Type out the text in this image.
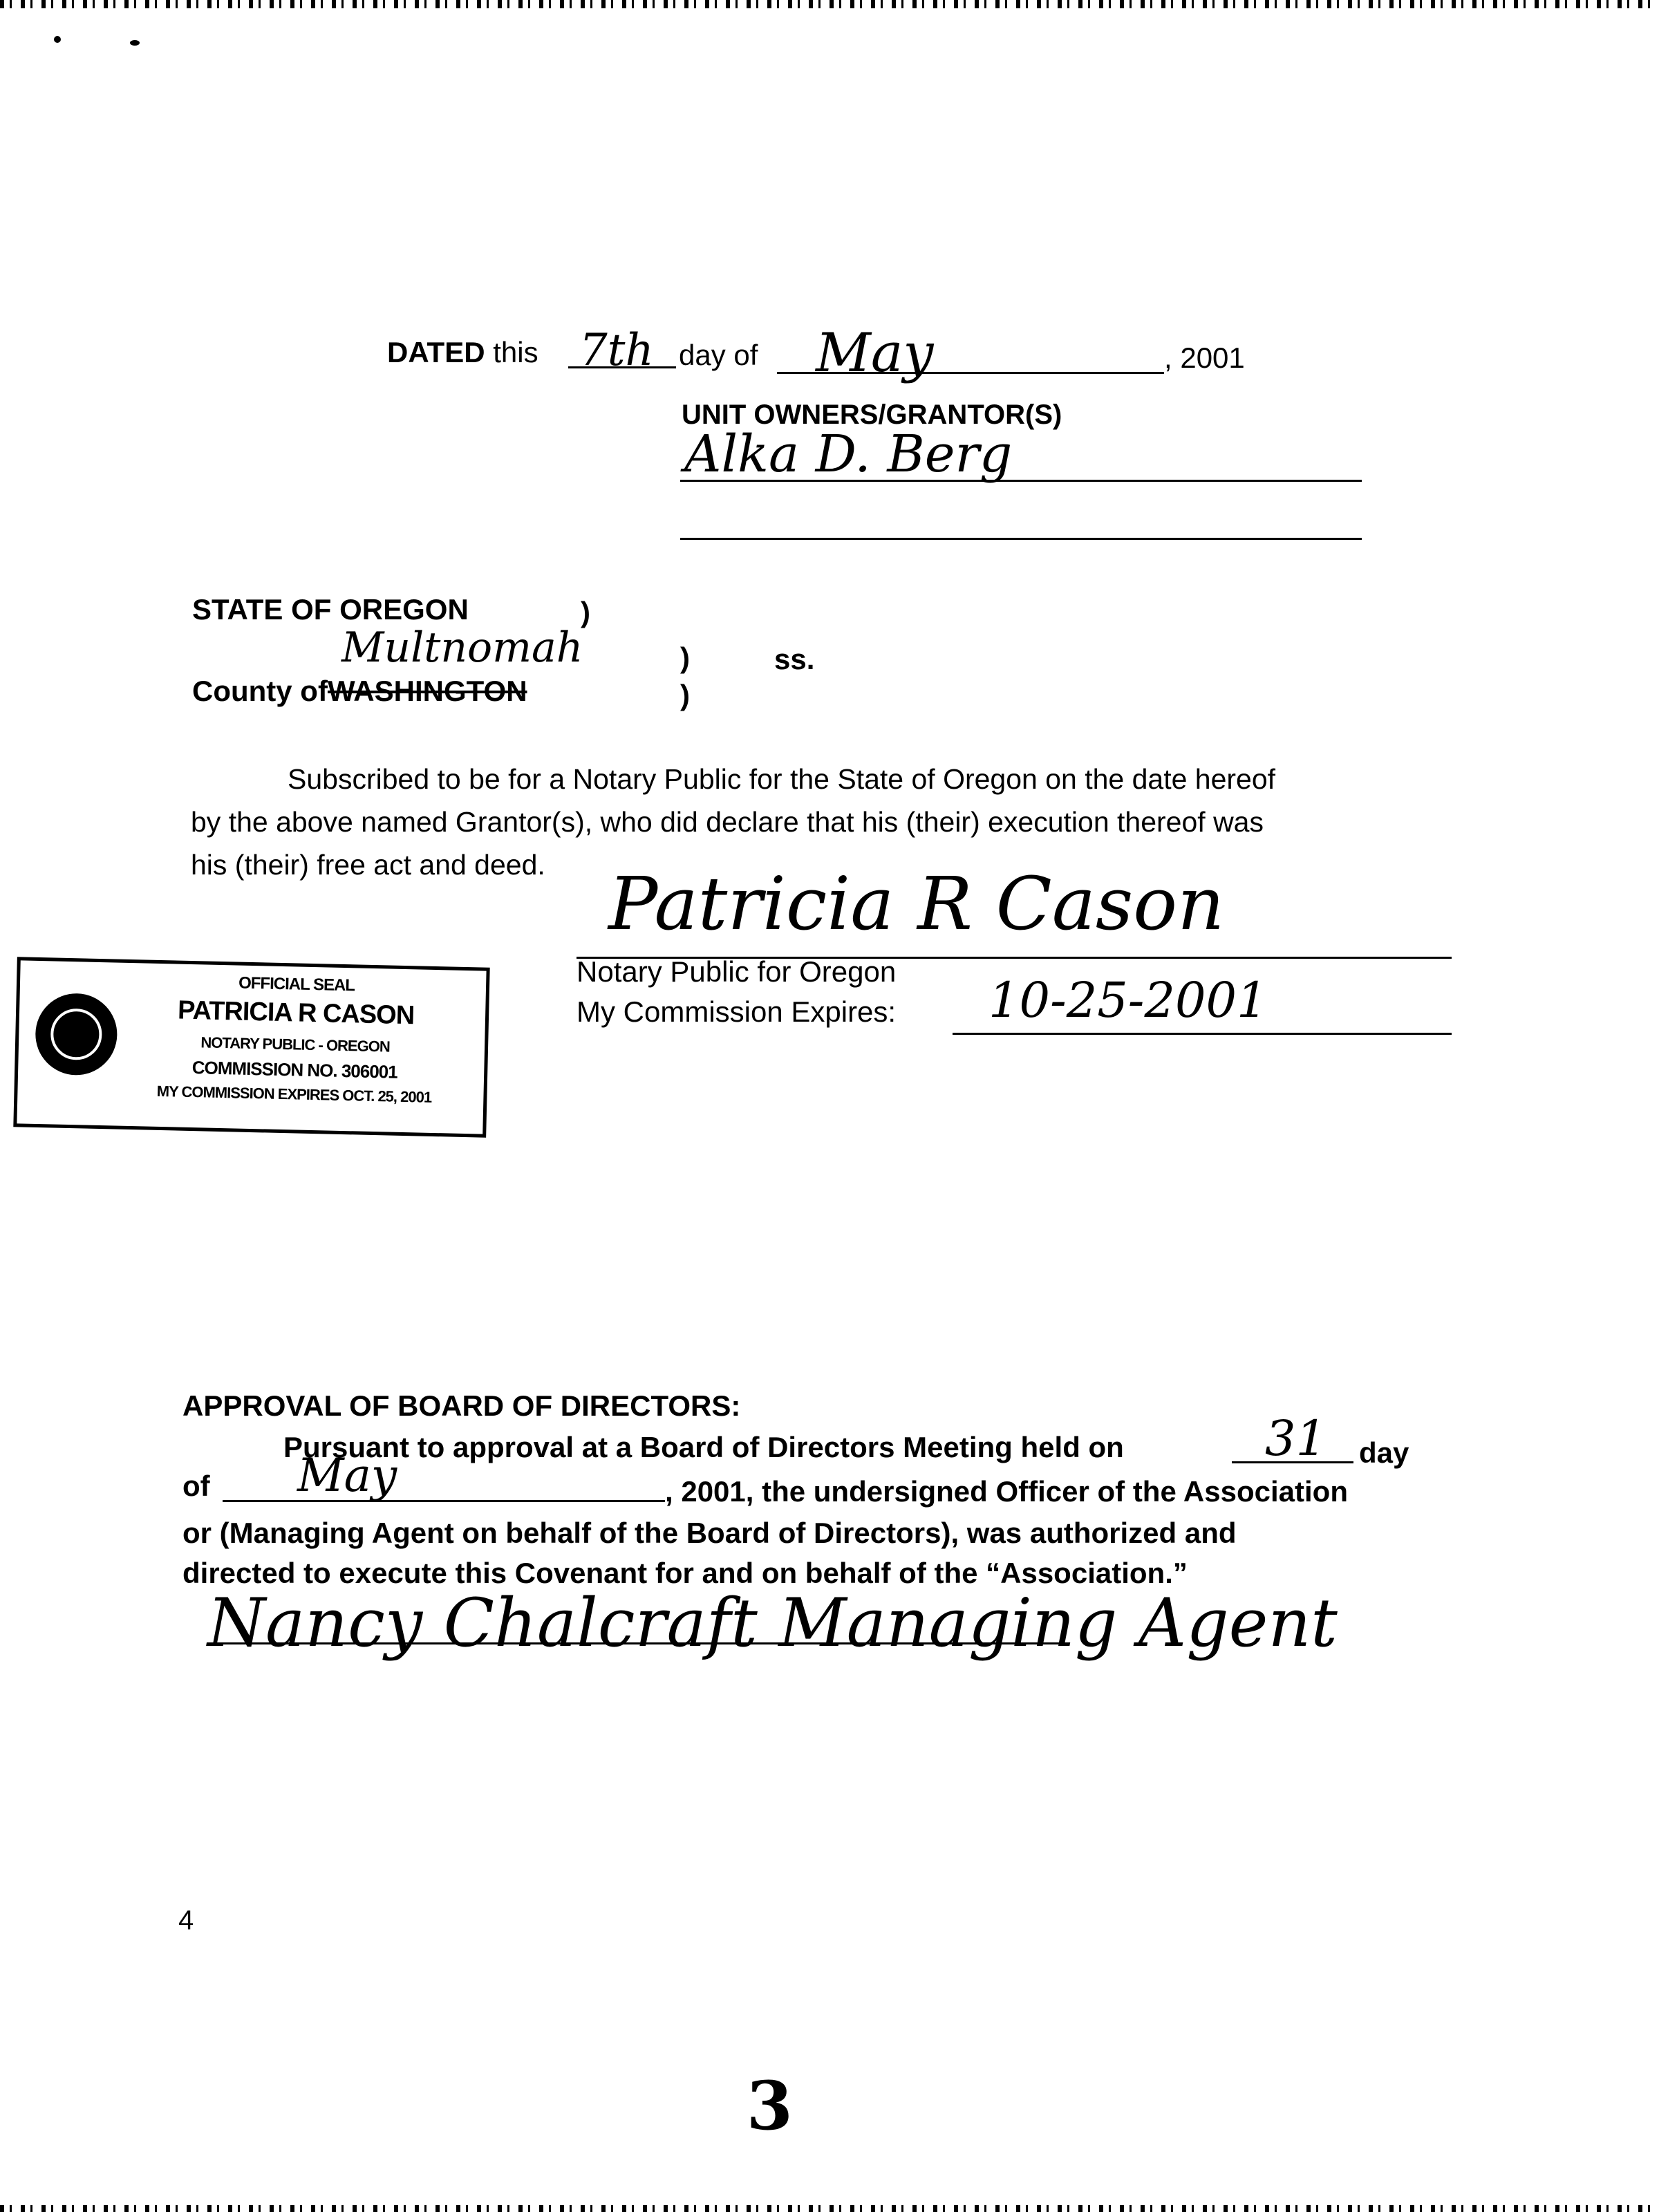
DATED this 7th day of May	, 2001
UNIT OWNERS/GRANTOR(S)
Alka D. Berg
STATE OF OREGON	)
Multnomah	)	ss.
County ofWASHINGTON	)
Subscribed to be for a Notary Public for the State of Oregon on the date hereof
by the above named Grantor(s), who did declare that his (their) execution thereof was
his (their) free act and deed. Patricia R Cason
Notary Public for Oregon
My Commission Expires: 10-25-2001
OFFICIAL SEAL
PATRICIA R CASON
NOTARY PUBLIC - OREGON
COMMISSION NO. 306001
MY COMMISSION EXPIRES OCT. 25, 2001
APPROVAL OF BOARD OF DIRECTORS:
Pursuant to approval at a Board of Directors Meeting held on	31 day
of May	, 2001, the undersigned Officer of the Association
or (Managing Agent on behalf of the Board of Directors), was authorized and
directed to execute this Covenant for and on behalf of the “Association.”
Nancy Chalcraft Managing Agent
4
3
